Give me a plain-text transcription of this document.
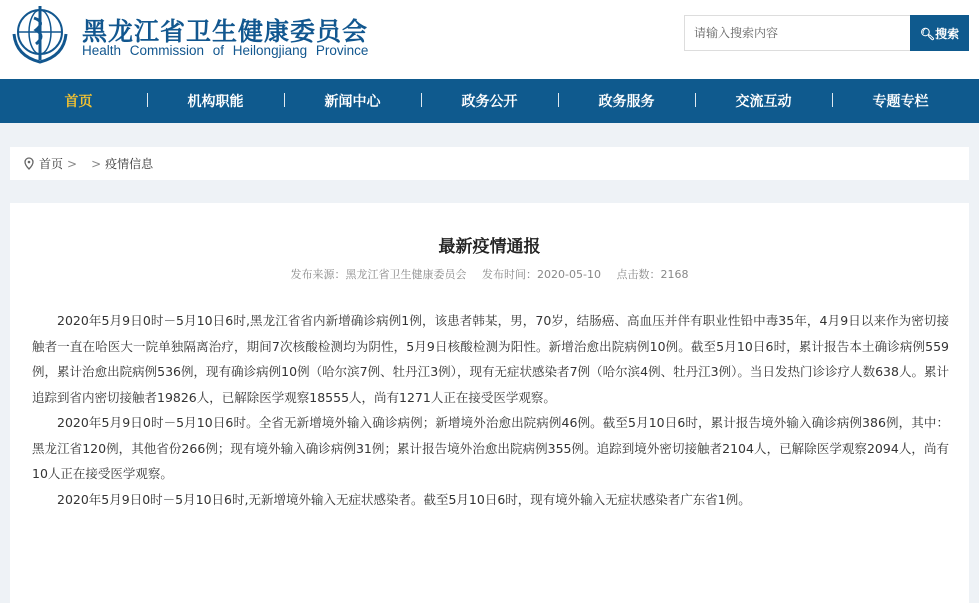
黑龙江省卫生健康委员会
Health Commission of Heilongjiang Province
请输入搜索内容
🔍︎搜索
首页	机构职能	新闻中心	政务公开	政务服务	交流互动	专题专栏
首页 > > 疫情信息
最新疫情通报
发布来源：黑龙江省卫生健康委员会 发布时间：2020-05-10 点击数：2168

2020年5月9日0时－5月10日6时,黑龙江省省内新增确诊病例1例，该患者韩某，男，70岁，结肠癌、高血压并伴有职业性铅中毒35年，4月9日以来作为密切接触者一直在哈医大一院单独隔离治疗，期间7次核酸检测均为阴性，5月9日核酸检测为阳性。新增治愈出院病例10例。截至5月10日6时，累计报告本土确诊病例559例，累计治愈出院病例536例，现有确诊病例10例（哈尔滨7例、牡丹江3例），现有无症状感染者7例（哈尔滨4例、牡丹江3例）。当日发热门诊诊疗人数638人。累计追踪到省内密切接触者19826人，已解除医学观察18555人，尚有1271人正在接受医学观察。

2020年5月9日0时－5月10日6时。全省无新增境外输入确诊病例；新增境外治愈出院病例46例。截至5月10日6时，累计报告境外输入确诊病例386例，其中：黑龙江省120例，其他省份266例；现有境外输入确诊病例31例；累计报告境外治愈出院病例355例。追踪到境外密切接触者2104人，已解除医学观察2094人，尚有10人正在接受医学观察。

2020年5月9日0时－5月10日6时,无新增境外输入无症状感染者。截至5月10日6时，现有境外输入无症状感染者广东省1例。
